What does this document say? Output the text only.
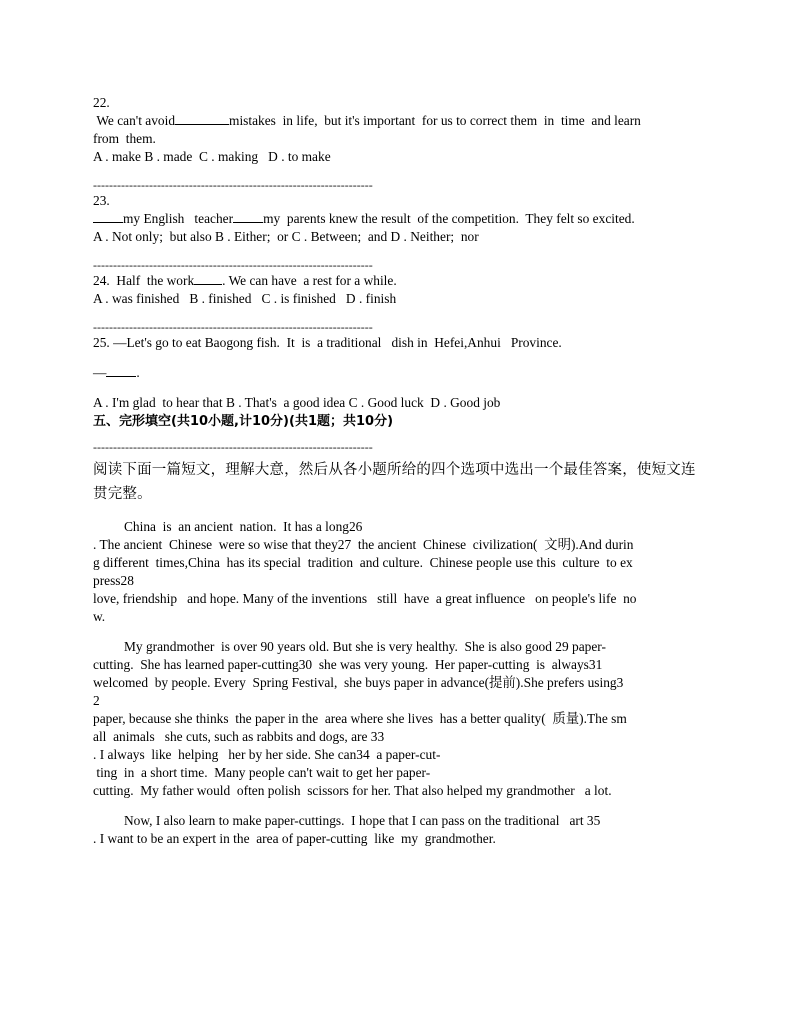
22.

We can't avoid	mistakes  in life,  but it's important  for us to correct them  in  time  and learn

from  them.

A . make B . made  C . making   D . to make

----------------------------------------------------------------------

23.

my English   teacher my  parents knew the result  of the competition.  They felt so excited.

A . Not only;  but also B . Either;  or C . Between;  and D . Neither;  nor

----------------------------------------------------------------------

24.  Half  the work . We can have  a rest for a while.

A . was finished   B . finished   C . is finished   D . finish

----------------------------------------------------------------------

25. —Let's go to eat Baogong fish.  It  is  a traditional   dish in  Hefei,Anhui   Province.

— .

A . I'm glad  to hear that B . That's  a good idea C . Good luck  D . Good job

五、完形填空(共10小题,计10分)(共1题；共10分)

----------------------------------------------------------------------

阅读下面一篇短文，理解大意，然后从各小题所给的四个选项中选出一个最佳答案，使短文连贯完整。

China  is  an ancient  nation.  It has a long26

. The ancient  Chinese  were so wise that they27  the ancient  Chinese  civilization(  文明).And durin

g different  times,China  has its special  tradition  and culture.  Chinese people use this  culture  to ex

press28

love, friendship   and hope. Many of the inventions   still  have  a great influence   on people's life  no

w.

My grandmother  is over 90 years old. But she is very healthy.  She is also good 29 paper-

cutting.  She has learned paper-cutting30  she was very young.  Her paper-cutting  is  always31

welcomed  by people. Every  Spring Festival,  she buys paper in advance(提前).She prefers using3

2

paper, because she thinks  the paper in the  area where she lives  has a better quality(  质量).The sm

all  animals   she cuts, such as rabbits and dogs, are 33

. I always  like  helping   her by her side. She can34  a paper-cut-

ting  in  a short time.  Many people can't wait to get her paper-

cutting.  My father would  often polish  scissors for her. That also helped my grandmother   a lot.

Now, I also learn to make paper-cuttings.  I hope that I can pass on the traditional   art 35

. I want to be an expert in the  area of paper-cutting  like  my  grandmother.
